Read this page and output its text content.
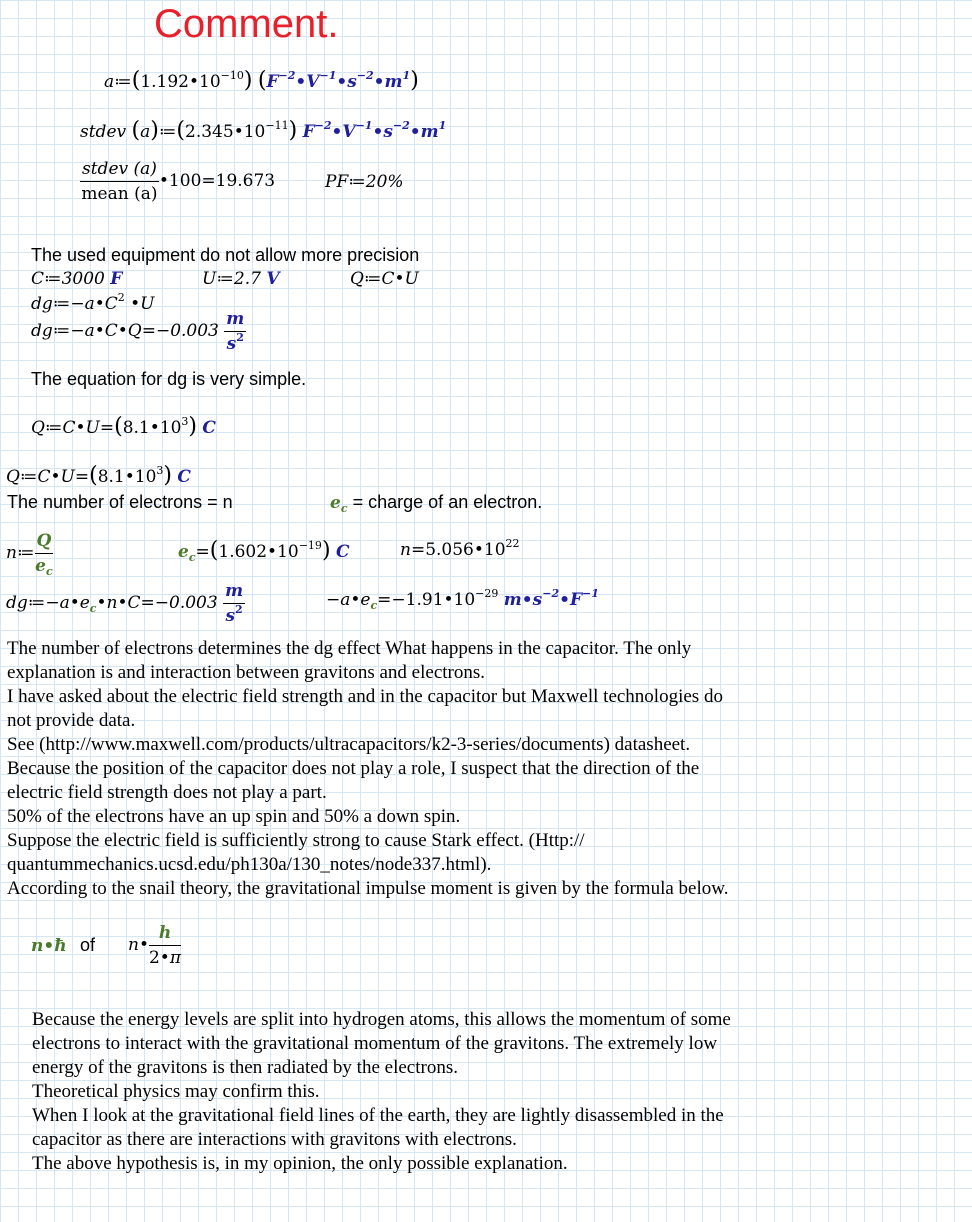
Comment.
$a≔(1.192•10^{-10})$ $(F^{-2}•V^{-1}•s^{-2}•m^1)$
stdev $(a)≔(2.345•10^{-11})$ $F^{-2}•V^{-1}•s^{-2}•m^1$
$\frac{\text{stdev (a)}}{\text{mean (a)}}$ •100=19.673	PF≔20%
The used equipment do not allow more precision
C≔3000 F	U≔2.7 V	Q≔C•U
$dg≔-a•C^2$ •U
dg≔−a•C•Q=−0.003 $\frac{m}{s^2}$
The equation for dg is very simple.
$Q≔C•U=(8.1•10^3)$ C
$Q≔C•U=(8.1•10^3)$ C
The number of electrons = n	$e_c$ = charge of an electron.
n≔ $\frac{Q}{e_c}$	$e_c=(1.602•10^{-19})$ C	$n=5.056•10^{22}$
$dg≔-a•e_c•n•C=-0.003 \frac{m}{s^2}$	$-a•e_c=-1.91•10^{-29}$ $m•s^{-2}•F^{-1}$
The number of electrons determines the dg effect What happens in the capacitor. The only
explanation is and interaction between gravitons and electrons.
I have asked about the electric field strength and in the capacitor but Maxwell technologies do
not provide data.
See (http://www.maxwell.com/products/ultracapacitors/k2-3-series/documents) datasheet.
Because the position of the capacitor does not play a role, I suspect that the direction of the
electric field strength does not play a part.
50% of the electrons have an up spin and 50% a down spin.
Suppose the electric field is sufficiently strong to cause Stark effect. (Http://
quantummechanics.ucsd.edu/ph130a/130_notes/node337.html).
According to the snail theory, the gravitational impulse moment is given by the formula below.
n•ħ of n• $\frac{h}{2•\pi}$
Because the energy levels are split into hydrogen atoms, this allows the momentum of some
electrons to interact with the gravitational momentum of the gravitons. The extremely low
energy of the gravitons is then radiated by the electrons.
Theoretical physics may confirm this.
When I look at the gravitational field lines of the earth, they are lightly disassembled in the
capacitor as there are interactions with gravitons with electrons.
The above hypothesis is, in my opinion, the only possible explanation.
